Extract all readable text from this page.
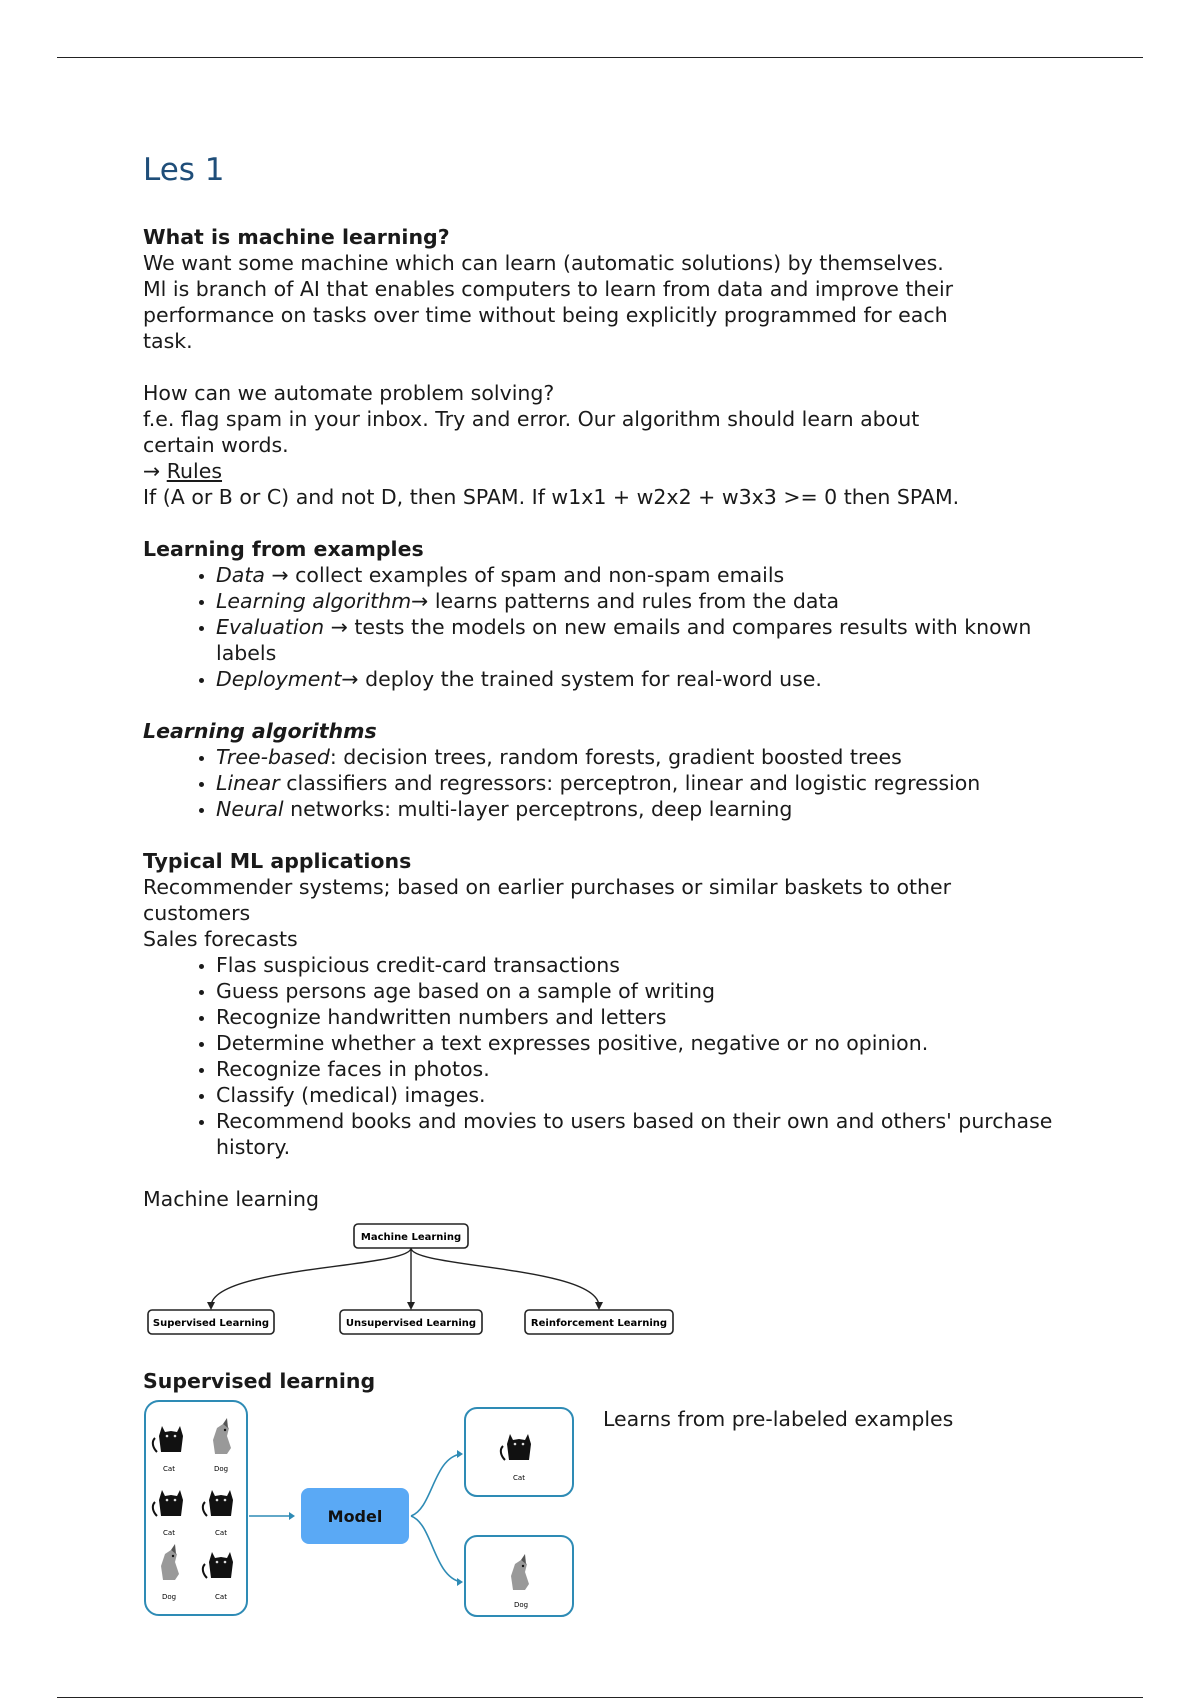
Les 1

What is machine learning?

We want some machine which can learn (automatic solutions) by themselves.

Ml is branch of AI that enables computers to learn from data and improve their

performance on tasks over time without being explicitly programmed for each

task.

How can we automate problem solving?

f.e. flag spam in your inbox. Try and error. Our algorithm should learn about

certain words.

→ Rules

If (A or B or C) and not D, then SPAM. If w1x1 + w2x2 + w3x3 >= 0 then SPAM.

Learning from examples

• Data → collect examples of spam and non-spam emails
• Learning algorithm→ learns patterns and rules from the data
• Evaluation → tests the models on new emails and compares results with known labels
• Deployment→ deploy the trained system for real-word use.

Learning algorithms

• Tree-based: decision trees, random forests, gradient boosted trees
• Linear classifiers and regressors: perceptron, linear and logistic regression
• Neural networks: multi-layer perceptrons, deep learning

Typical ML applications

Recommender systems; based on earlier purchases or similar baskets to other

customers

Sales forecasts

• Flas suspicious credit-card transactions
• Guess persons age based on a sample of writing
• Recognize handwritten numbers and letters
• Determine whether a text expresses positive, negative or no opinion.
• Recognize faces in photos.
• Classify (medical) images.
• Recommend books and movies to users based on their own and others' purchase history.

Machine learning

Machine Learning
Supervised Learning	Unsupervised Learning	Reinforcement Learning

Supervised learning

Cat	Dog
Cat	Cat
Dog	Cat
Model
Cat
Dog

Learns from pre-labeled examples
